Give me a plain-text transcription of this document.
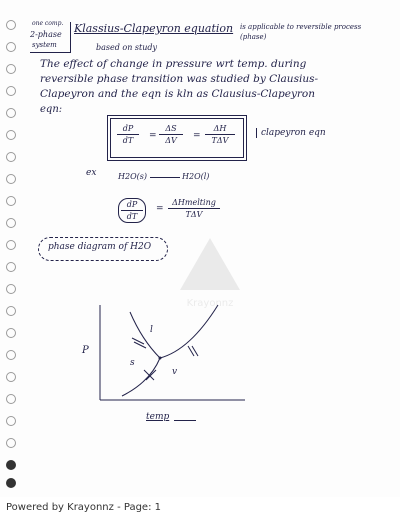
one comp.
2-phase
system
Klassius-Clapeyron equation is applicable to reversible process (phase)
based on study
The effect of change in pressure wrt temp. during
reversible phase transition was studied by Clausius-
Clapeyron and the eqn is kln as Clausius-Clapeyron
eqn:
dP
dT	=
ΔS
ΔV	=
ΔH
TΔV
clapeyron eqn
ex	H2O(s)	H2O(l)
dP
dT
=
ΔHmelting
TΔV
phase diagram of H2O
P
l
s
v
temp
Krayonnz
Powered by Krayonnz - Page: 1
